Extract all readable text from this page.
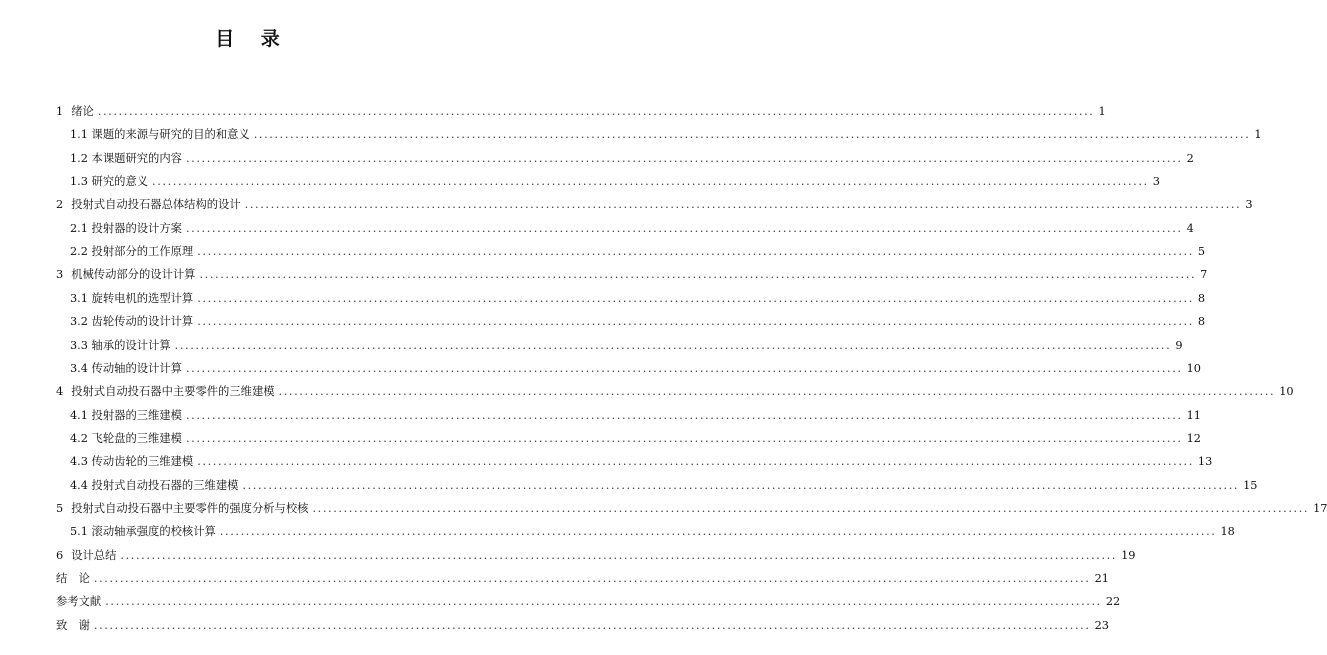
目 录
1 绪论 ................................................................................................................................................................................................ 1
1.1 课题的来源与研究的目的和意义 ................................................................................................................................................................................................ 1
1.2 本课题研究的内容 ................................................................................................................................................................................................ 2
1.3 研究的意义 ................................................................................................................................................................................................ 3
2 投射式自动投石器总体结构的设计 ................................................................................................................................................................................................ 3
2.1 投射器的设计方案 ................................................................................................................................................................................................ 4
2.2 投射部分的工作原理 ................................................................................................................................................................................................ 5
3 机械传动部分的设计计算 ................................................................................................................................................................................................ 7
3.1 旋转电机的选型计算 ................................................................................................................................................................................................ 8
3.2 齿轮传动的设计计算 ................................................................................................................................................................................................ 8
3.3 轴承的设计计算 ................................................................................................................................................................................................ 9
3.4 传动轴的设计计算 ................................................................................................................................................................................................ 10
4 投射式自动投石器中主要零件的三维建模 ................................................................................................................................................................................................ 10
4.1 投射器的三维建模 ................................................................................................................................................................................................ 11
4.2 飞轮盘的三维建模 ................................................................................................................................................................................................ 12
4.3 传动齿轮的三维建模 ................................................................................................................................................................................................ 13
4.4 投射式自动投石器的三维建模 ................................................................................................................................................................................................ 15
5 投射式自动投石器中主要零件的强度分析与校核 ................................................................................................................................................................................................ 17
5.1 滚动轴承强度的校核计算 ................................................................................................................................................................................................ 18
6 设计总结 ................................................................................................................................................................................................ 19
结　论 ................................................................................................................................................................................................ 21
参考文献 ................................................................................................................................................................................................ 22
致　谢 ................................................................................................................................................................................................ 23
